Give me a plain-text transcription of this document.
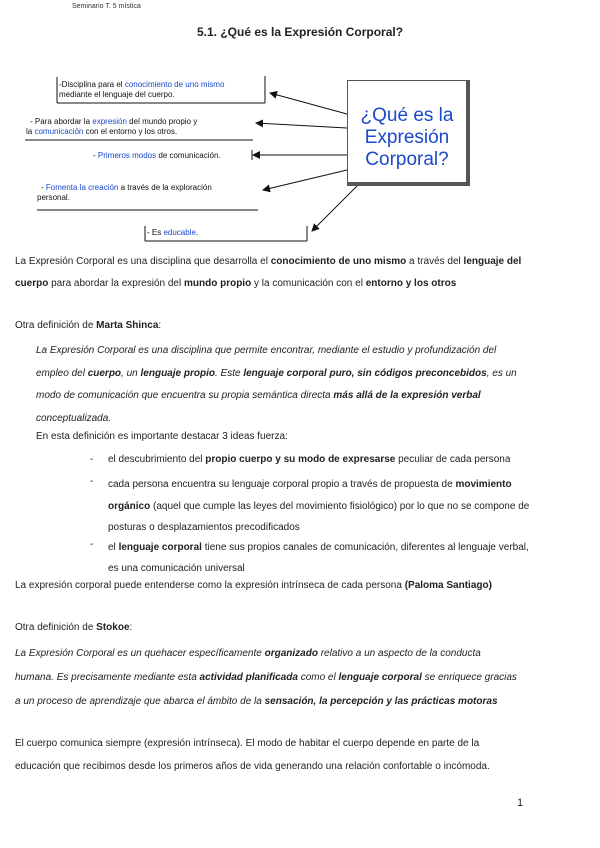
Seminario T. 5 mística
5.1. ¿Qué es la Expresión Corporal?
¿Qué es la
Expresión
Corporal?
-Disciplina para el conocimiento de uno mismo
mediante el lenguaje del cuerpo.
- Para abordar la expresión del mundo propio y
la comunicación con el entorno y los otros.
- Primeros modos de comunicación.
- Fomenta la creación a través de la exploración
personal.
- Es educable.
La Expresión Corporal es una disciplina que desarrolla el conocimiento de uno mismo a través del lenguaje del
cuerpo para abordar la expresión del mundo propio y la comunicación con el entorno y los otros
Otra definición de Marta Shinca:
La Expresión Corporal es una disciplina que permite encontrar, mediante el estudio y profundización del
empleo del cuerpo, un lenguaje propio. Este lenguaje corporal puro, sin códigos preconcebidos, es un
modo de comunicación que encuentra su propia semántica directa más allá de la expresión verbal
conceptualizada.
En esta definición es importante destacar 3 ideas fuerza:
- el descubrimiento del propio cuerpo y su modo de expresarse peculiar de cada persona
- cada persona encuentra su lenguaje corporal propio a través de propuesta de movimiento
orgánico (aquel que cumple las leyes del movimiento fisiológico) por lo que no se compone de
posturas o desplazamientos precodificados
- el lenguaje corporal tiene sus propios canales de comunicación, diferentes al lenguaje verbal,
es una comunicación universal
La expresión corporal puede entenderse como la expresión intrínseca de cada persona (Paloma Santiago)
Otra definición de Stokoe:
La Expresión Corporal es un quehacer específicamente organizado relativo a un aspecto de la conducta
humana. Es precisamente mediante esta actividad planificada como el lenguaje corporal se enriquece gracias
a un proceso de aprendizaje que abarca el ámbito de la sensación, la percepción y las prácticas motoras
El cuerpo comunica siempre (expresión intrínseca). El modo de habitar el cuerpo depende en parte de la
educación que recibimos desde los primeros años de vida generando una relación confortable o incómoda.
1
